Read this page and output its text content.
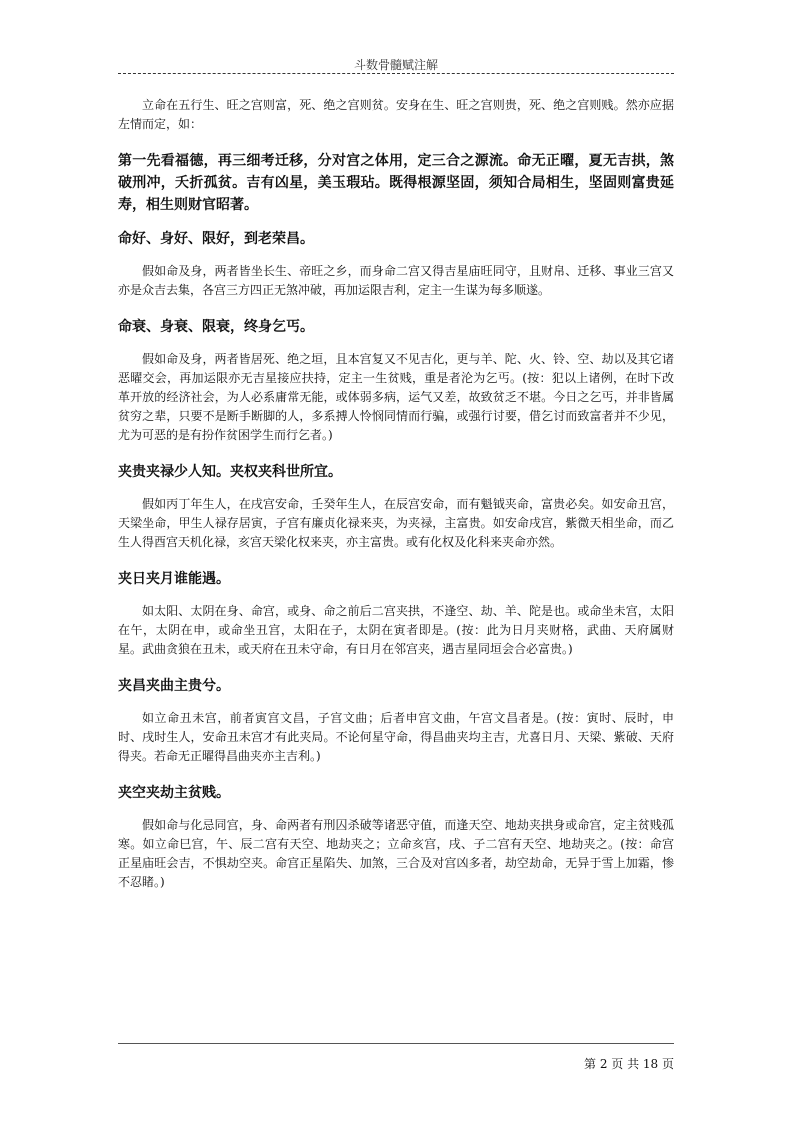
斗数骨髓赋注解

立命在五行生、旺之宫则富，死、绝之宫则贫。安身在生、旺之宫则贵，死、绝之宫则贱。然亦应据左情而定，如：

第一先看福德，再三细考迁移，分对宫之体用，定三合之源流。命无正曜，夏无吉拱，煞破刑冲，夭折孤贫。吉有凶星，美玉瑕玷。既得根源坚固，须知合局相生，坚固则富贵延寿，相生则财官昭著。

命好、身好、限好，到老荣昌。

假如命及身，两者皆坐长生、帝旺之乡，而身命二宫又得吉星庙旺同守，且财帛、迁移、事业三宫又亦是众吉去集，各宫三方四正无煞冲破，再加运限吉利，定主一生谋为每多顺遂。

命衰、身衰、限衰，终身乞丐。

假如命及身，两者皆居死、绝之垣，且本宫复又不见吉化，更与羊、陀、火、铃、空、劫以及其它诸恶曜交会，再加运限亦无吉星接应扶持，定主一生贫贱，重是者沦为乞丐。(按：犯以上诸例，在时下改革开放的经济社会，为人必系庸常无能，或体弱多病，运气又差，故致贫乏不堪。今日之乞丐，并非皆属贫穷之辈，只要不是断手断脚的人，多系搏人怜悯同情而行骗，或强行讨要，借乞讨而致富者并不少见，尤为可恶的是有扮作贫困学生而行乞者。)

夹贵夹禄少人知。夹权夹科世所宜。

假如丙丁年生人，在戌宫安命，壬癸年生人，在辰宫安命，而有魁钺夹命，富贵必矣。如安命丑宫，天梁坐命，甲生人禄存居寅，子宫有廉贞化禄来夹，为夹禄，主富贵。如安命戌宫，紫微天相坐命，而乙生人得酉宫天机化禄，亥宫天梁化权来夹，亦主富贵。或有化权及化科来夹命亦然。

夹日夹月谁能遇。

如太阳、太阴在身、命宫，或身、命之前后二宫夹拱，不逢空、劫、羊、陀是也。或命坐未宫，太阳在午，太阴在申，或命坐丑宫，太阳在子，太阴在寅者即是。(按：此为日月夹财格，武曲、天府属财星。武曲贪狼在丑未，或天府在丑未守命，有日月在邻宫夹，遇吉星同垣会合必富贵。)

夹昌夹曲主贵兮。

如立命丑未宫，前者寅宫文昌，子宫文曲；后者申宫文曲，午宫文昌者是。(按：寅时、辰时，申时、戌时生人，安命丑未宫才有此夹局。不论何星守命，得昌曲夹均主吉，尤喜日月、天梁、紫破、天府得夹。若命无正曜得昌曲夹亦主吉利。)

夹空夹劫主贫贱。

假如命与化忌同宫，身、命两者有刑囚杀破等诸恶守值，而逢天空、地劫夹拱身或命宫，定主贫贱孤寒。如立命巳宫，午、辰二宫有天空、地劫夹之；立命亥宫，戌、子二宫有天空、地劫夹之。(按：命宫正星庙旺会吉，不惧劫空夹。命宫正星陷失、加煞，三合及对宫凶多者，劫空劫命，无异于雪上加霜，惨不忍睹。)

第 2 页 共 18 页
